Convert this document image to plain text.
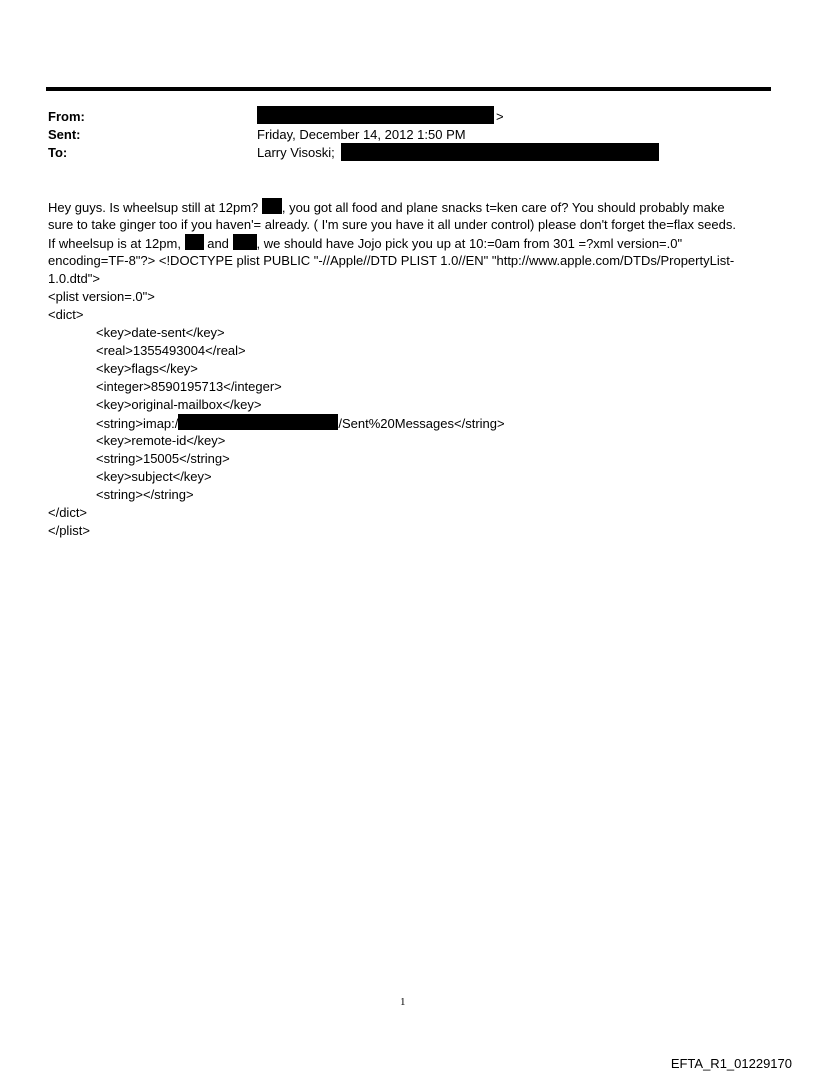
From:	>
Sent:	Friday, December 14, 2012 1:50 PM
To:	Larry Visoski;
Hey guys. Is wheelsup still at 12pm? , you got all food and plane snacks t=ken care of? You should probably make
sure to take ginger too if you haven'= already. ( I'm sure you have it all under control) please don't forget the=flax seeds.
If wheelsup is at 12pm, and , we should have Jojo pick you up at 10:=0am from 301 =?xml version=.0"
encoding=TF-8"?> <!DOCTYPE plist PUBLIC "-//Apple//DTD PLIST 1.0//EN" "http://www.apple.com/DTDs/PropertyList-
1.0.dtd">
<plist version=.0">
<dict>
<key>date-sent</key>
<real>1355493004</real>
<key>flags</key>
<integer>8590195713</integer>
<key>original-mailbox</key>
<string>imap:/	/Sent%20Messages</string>
<key>remote-id</key>
<string>15005</string>
<key>subject</key>
<string></string>
</dict>
</plist>
1
EFTA_R1_01229170
